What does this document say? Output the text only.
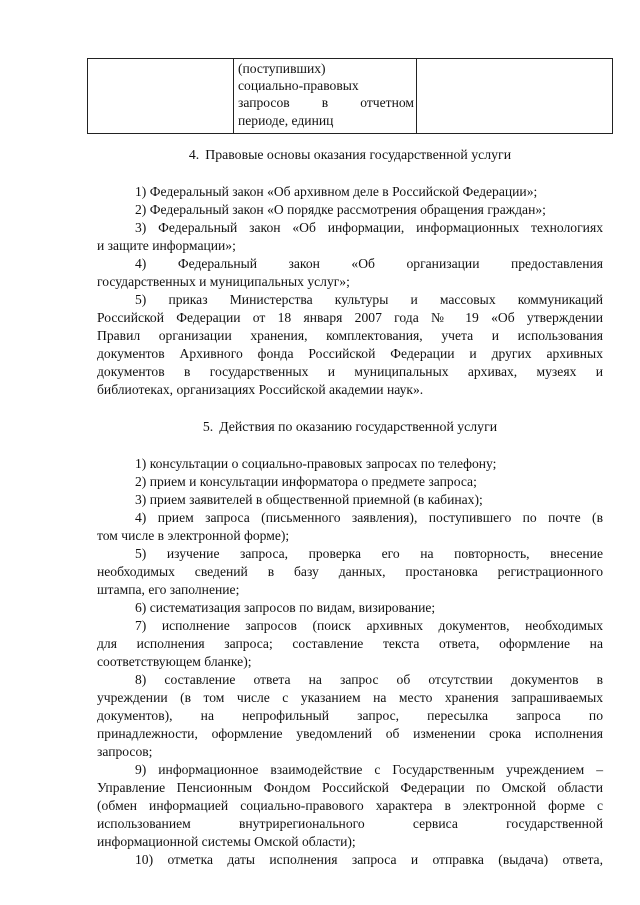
(поступивших)
социально-правовых
запросов в отчетном
периоде, единиц

4. Правовые основы оказания государственной услуги
1) Федеральный закон «Об архивном деле в Российской Федерации»;
2) Федеральный закон «О порядке рассмотрения обращения граждан»;
3) Федеральный закон «Об информации, информационных технологиях
и защите информации»;
4) Федеральный закон «Об организации предоставления
государственных и муниципальных услуг»;
5) приказ Министерства культуры и массовых коммуникаций
Российской Федерации от 18 января 2007 года № 19 «Об утверждении
Правил организации хранения, комплектования, учета и использования
документов Архивного фонда Российской Федерации и других архивных
документов в государственных и муниципальных архивах, музеях и
библиотеках, организациях Российской академии наук».
5. Действия по оказанию государственной услуги
1) консультации о социально-правовых запросах по телефону;
2) прием и консультации информатора о предмете запроса;
3) прием заявителей в общественной приемной (в кабинах);
4) прием запроса (письменного заявления), поступившего по почте (в
том числе в электронной форме);
5) изучение запроса, проверка его на повторность, внесение
необходимых сведений в базу данных, простановка регистрационного
штампа, его заполнение;
6) систематизация запросов по видам, визирование;
7) исполнение запросов (поиск архивных документов, необходимых
для исполнения запроса; составление текста ответа, оформление на
соответствующем бланке);
8) составление ответа на запрос об отсутствии документов в
учреждении (в том числе с указанием на место хранения запрашиваемых
документов), на непрофильный запрос, пересылка запроса по
принадлежности, оформление уведомлений об изменении срока исполнения
запросов;
9) информационное взаимодействие с Государственным учреждением –
Управление Пенсионным Фондом Российской Федерации по Омской области
(обмен информацией социально-правового характера в электронной форме с
использованием внутрирегионального сервиса государственной
информационной системы Омской области);
10) отметка даты исполнения запроса и отправка (выдача) ответа,
